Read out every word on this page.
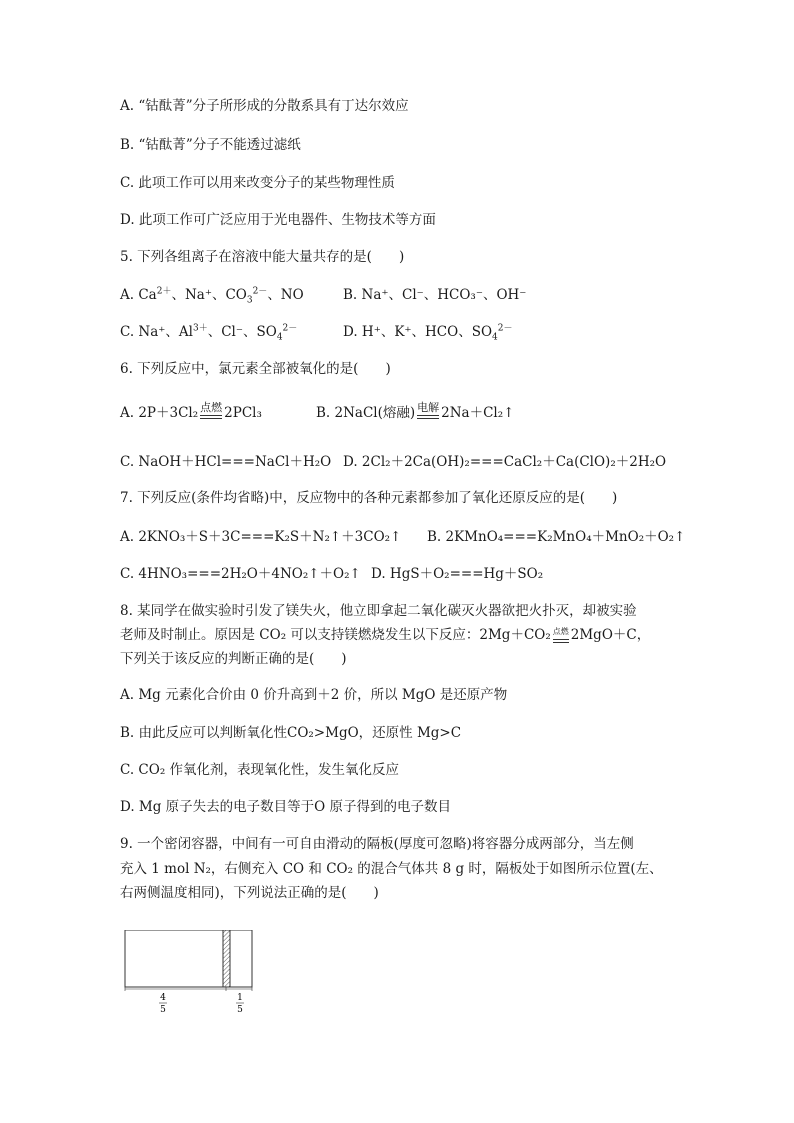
A. “钴酞菁”分子所形成的分散系具有丁达尔效应
B. “钴酞菁”分子不能透过滤纸
C. 此项工作可以用来改变分子的某些物理性质
D. 此项工作可广泛应用于光电器件、生物技术等方面
5. 下列各组离子在溶液中能大量共存的是(　　)
A. $Ca^{2+}$、Na⁺、$CO_3^{2-}$、NO	B. Na⁺、Cl⁻、HCO₃⁻、OH⁻
C. Na⁺、$Al^{3+}$、Cl⁻、$SO_4^{2-}$	D. H⁺、K⁺、HCO、$SO_4^{2-}$
6. 下列反应中，氯元素全部被氧化的是(　　)
A. 2P＋3Cl₂ 点燃 2PCl₃	B. 2NaCl(熔融) 电解 2Na＋Cl₂↑
C. NaOH＋HCl===NaCl＋H₂O D. 2Cl₂＋2Ca(OH)₂===CaCl₂＋Ca(ClO)₂＋2H₂O
7. 下列反应(条件均省略)中，反应物中的各种元素都参加了氧化还原反应的是(　　)
A. 2KNO₃＋S＋3C===K₂S＋N₂↑＋3CO₂↑ B. 2KMnO₄===K₂MnO₄＋MnO₂＋O₂↑
C. 4HNO₃===2H₂O＋4NO₂↑＋O₂↑ D. HgS＋O₂===Hg＋SO₂
8. 某同学在做实验时引发了镁失火，他立即拿起二氧化碳灭火器欲把火扑灭，却被实验
老师及时制止。原因是 CO₂ 可以支持镁燃烧发生以下反应：2Mg＋CO₂ 点燃 2MgO＋C，
下列关于该反应的判断正确的是(　　)
A. Mg 元素化合价由 0 价升高到＋2 价，所以 MgO 是还原产物
B. 由此反应可以判断氧化性CO₂>MgO，还原性 Mg>C
C. CO₂ 作氧化剂，表现氧化性，发生氧化反应
D. Mg 原子失去的电子数目等于O 原子得到的电子数目
9. 一个密闭容器，中间有一可自由滑动的隔板(厚度可忽略)将容器分成两部分，当左侧
充入 1 mol N₂，右侧充入 CO 和 CO₂ 的混合气体共 8 g 时，隔板处于如图所示位置(左、
右两侧温度相同)，下列说法正确的是(　　)
4
5
1
5
